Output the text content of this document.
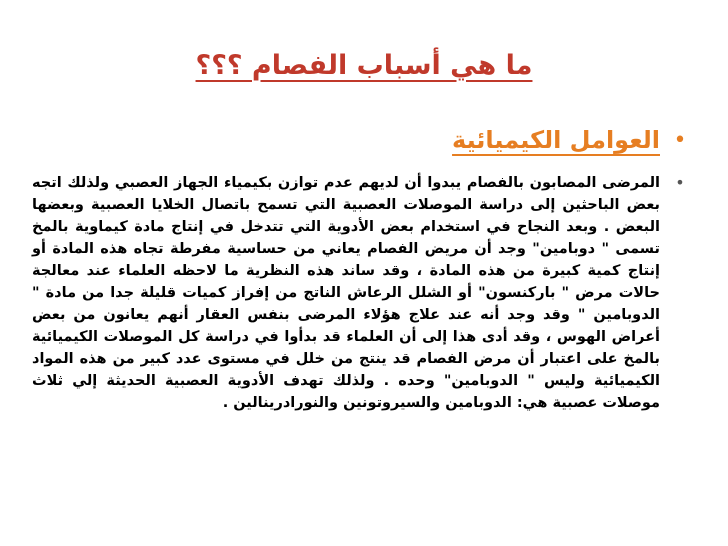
ما هي أسباب الفصام ؟؟؟
•
العوامل الكيميائية
•

المرضى المصابون بالفصام يبدوا أن لديهم عدم توازن بكيمياء الجهاز العصبي ولذلك اتجه بعض الباحثين إلى دراسة الموصلات العصبية التي تسمح باتصال الخلايا العصبية وبعضها البعض . وبعد النجاح في استخدام بعض الأدوية التي تتدخل في إنتاج مادة كيماوية بالمخ تسمى " دوبامين" وجد أن مريض الفصام يعاني من حساسية مفرطة تجاه هذه المادة أو إنتاج كمية كبيرة من هذه المادة ، وقد ساند هذه النظرية ما لاحظه العلماء عند معالجة حالات مرض " باركنسون" أو الشلل الرعاش الناتج من إفراز كميات قليلة جدا من مادة " الدوبامين " وقد وجد أنه عند علاج هؤلاء المرضى بنفس العقار أنهم يعانون من بعض أعراض الهوس ، وقد أدى هذا إلى أن العلماء قد بدأوا في دراسة كل الموصلات الكيميائية بالمخ على اعتبار أن مرض الفصام قد ينتج من خلل في مستوى عدد كبير من هذه المواد الكيميائية وليس " الدوبامين" وحده . ولذلك تهدف الأدوية العصبية الحديثة إلي ثلاث موصلات عصبية هي: الدوبامين والسيروتونين والنورادرينالين .
